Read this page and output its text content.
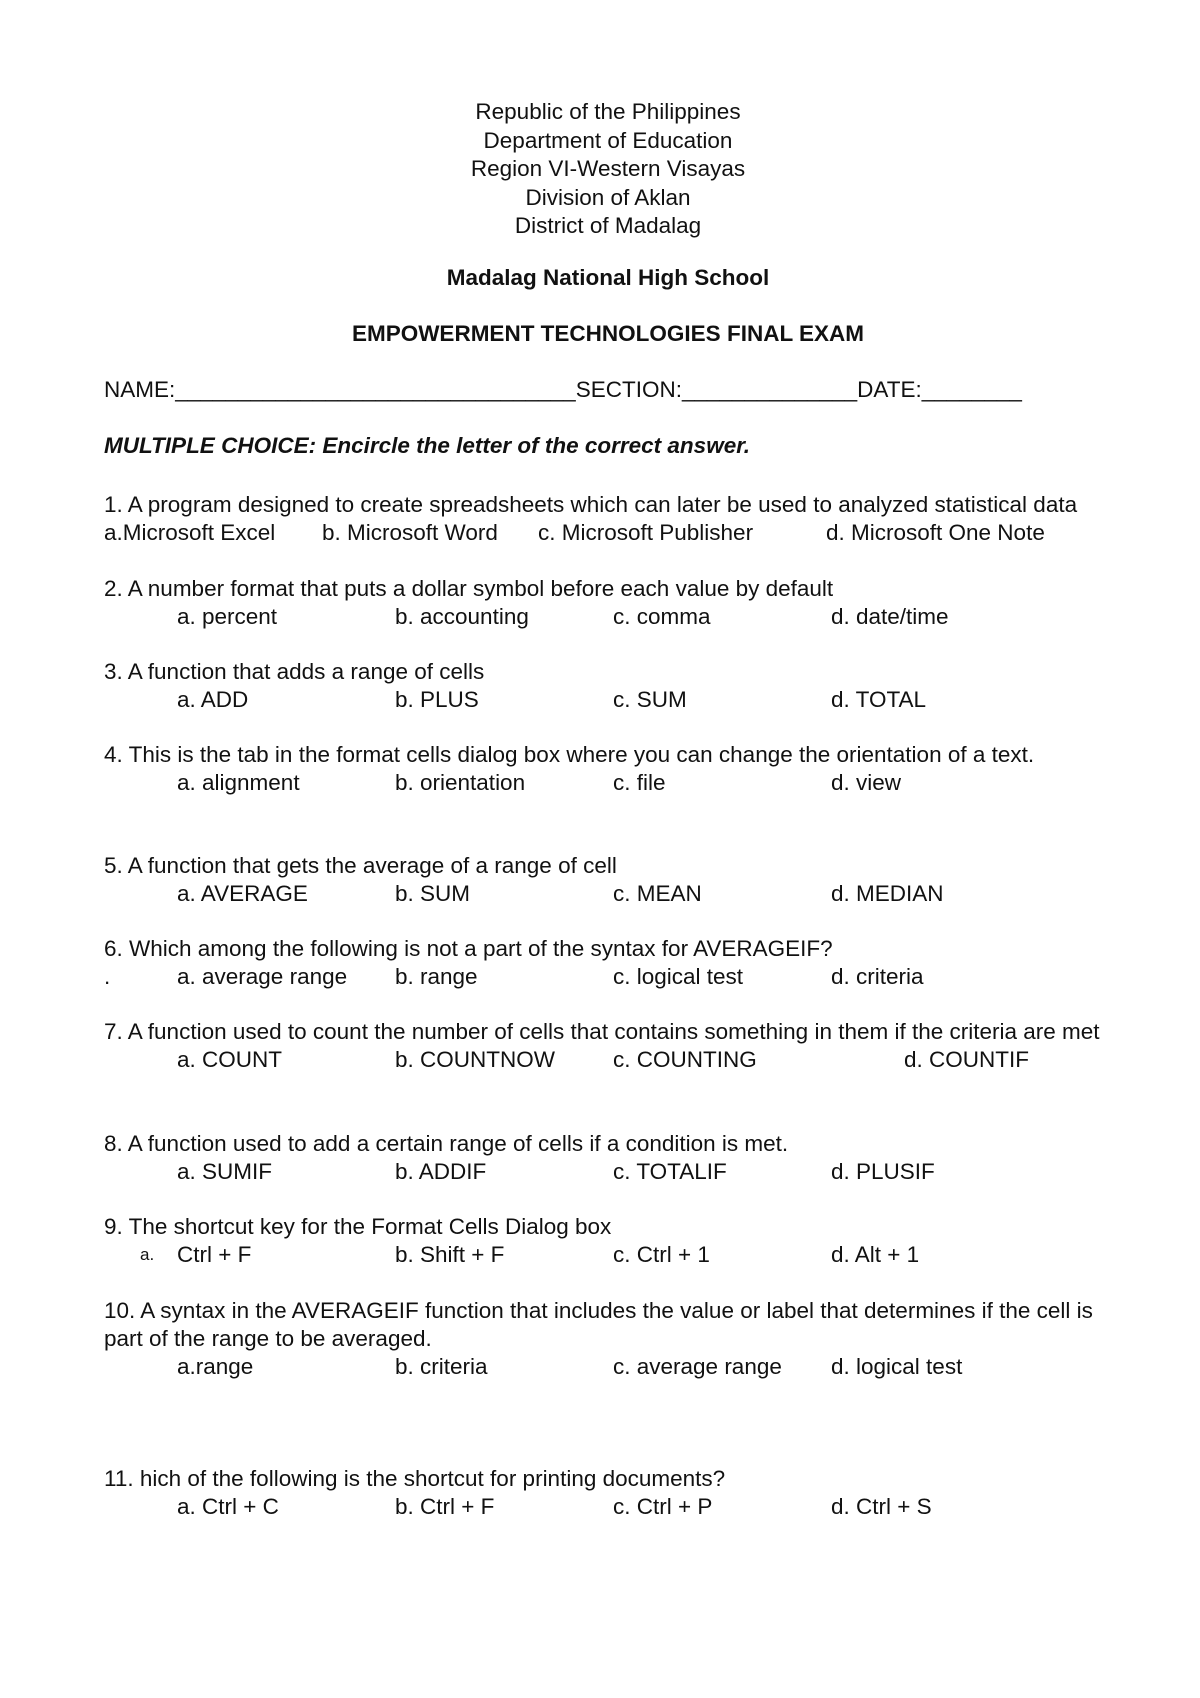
Republic of the Philippines
Department of Education
Region VI-Western Visayas
Division of Aklan
District of Madalag
Madalag National High School
EMPOWERMENT TECHNOLOGIES FINAL EXAM
NAME:________________________________SECTION:______________DATE:________
MULTIPLE CHOICE: Encircle the letter of the correct answer.
1. A program designed to create spreadsheets which can later be used to analyzed statistical data
a.Microsoft Excel b. Microsoft Word c. Microsoft Publisher	d. Microsoft One Note
2. A number format that puts a dollar symbol before each value by default
a. percent	b. accounting	c. comma	d. date/time
3. A function that adds a range of cells
a. ADD	b. PLUS	c. SUM	d. TOTAL
4. This is the tab in the format cells dialog box where you can change the orientation of a text.
a. alignment	b. orientation	c. file	d. view
5. A function that gets the average of a range of cell
a. AVERAGE	b. SUM	c. MEAN	d. MEDIAN
6. Which among the following is not a part of the syntax for AVERAGEIF?
.	a. average range b. range	c. logical test	d. criteria
7. A function used to count the number of cells that contains something in them if the criteria are met
a. COUNT	b. COUNTNOW	c. COUNTING	d. COUNTIF
8. A function used to add a certain range of cells if a condition is met.
a. SUMIF	b. ADDIF	c. TOTALIF	d. PLUSIF
9. The shortcut key for the Format Cells Dialog box
a. Ctrl + F	b. Shift + F	c. Ctrl + 1	d. Alt + 1
10. A syntax in the AVERAGEIF function that includes the value or label that determines if the cell is part of the range to be averaged.
a.range	b. criteria	c. average range d. logical test
11. hich of the following is the shortcut for printing documents?
a. Ctrl + C	b. Ctrl + F	c. Ctrl + P	d. Ctrl + S
